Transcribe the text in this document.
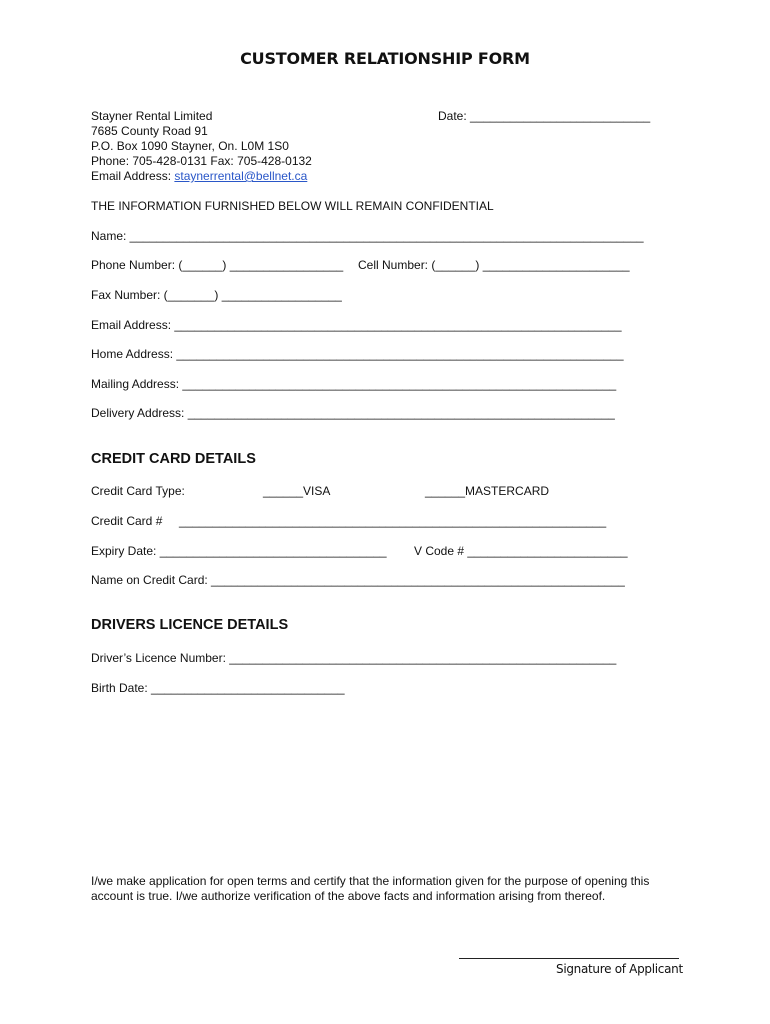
CUSTOMER RELATIONSHIP FORM
Stayner Rental Limited
7685 County Road 91
P.O. Box 1090 Stayner, On. L0M 1S0
Phone: 705-428-0131 Fax: 705-428-0132
Email Address: staynerrental@bellnet.ca
Date: ___________________________
THE INFORMATION FURNISHED BELOW WILL REMAIN CONFIDENTIAL
Name: _____________________________________________________________________________
Phone Number: (______) _________________ Cell Number: (______) ______________________
Fax Number: (_______) __________________
Email Address: ___________________________________________________________________
Home Address: ___________________________________________________________________
Mailing Address: _________________________________________________________________
Delivery Address: ________________________________________________________________
CREDIT CARD DETAILS
Credit Card Type:	______VISA	______MASTERCARD
Credit Card #     ________________________________________________________________
Expiry Date: __________________________________ V Code # ________________________
Name on Credit Card: ______________________________________________________________
DRIVERS LICENCE DETAILS
Driver’s Licence Number: __________________________________________________________
Birth Date: _____________________________
I/we make application for open terms and certify that the information given for the purpose of opening this
account is true. I/we authorize verification of the above facts and information arising from thereof.
Signature of Applicant
